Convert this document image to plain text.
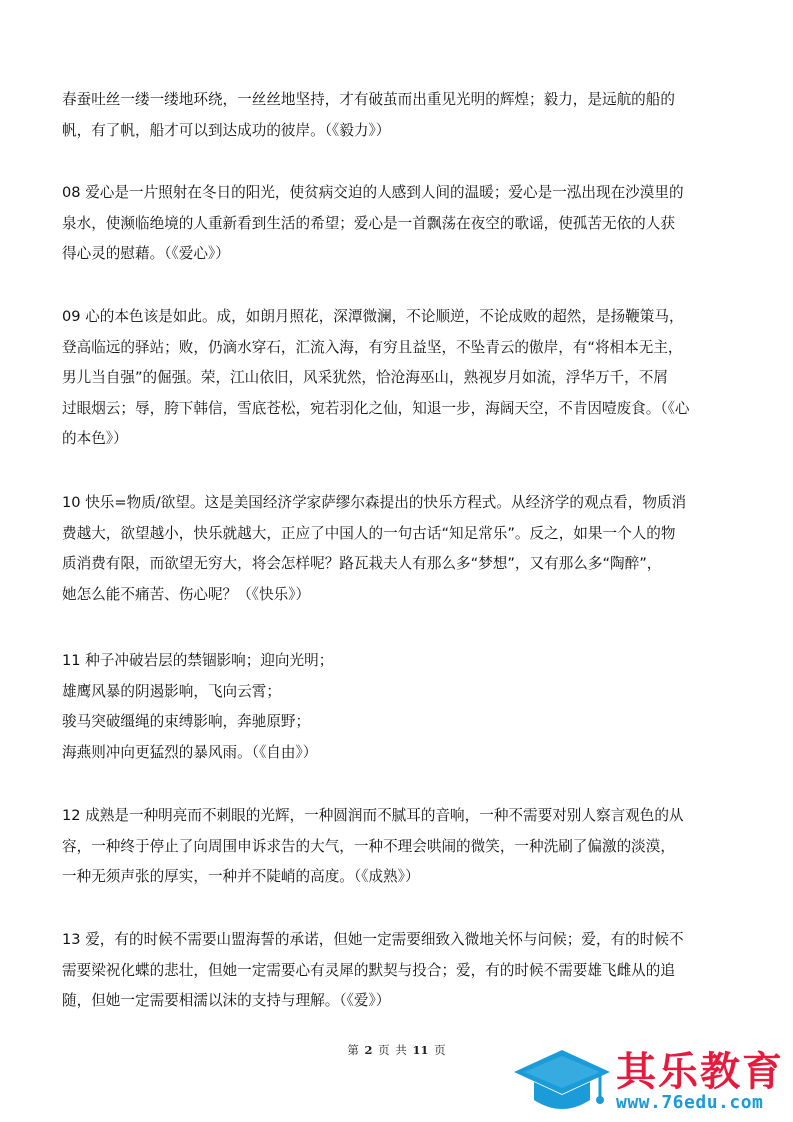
春蚕吐丝一缕一缕地环绕，一丝丝地坚持，才有破茧而出重见光明的辉煌；毅力，是远航的船的
帆，有了帆，船才可以到达成功的彼岸。（《毅力》）
08 爱心是一片照射在冬日的阳光，使贫病交迫的人感到人间的温暖；爱心是一泓出现在沙漠里的
泉水，使濒临绝境的人重新看到生活的希望；爱心是一首飘荡在夜空的歌谣，使孤苦无依的人获
得心灵的慰藉。（《爱心》）
09 心的本色该是如此。成，如朗月照花，深潭微澜，不论顺逆，不论成败的超然，是扬鞭策马，
登高临远的驿站；败，仍滴水穿石，汇流入海，有穷且益坚，不坠青云的傲岸，有“将相本无主，
男儿当自强”的倔强。荣，江山依旧，风采犹然，恰沧海巫山，熟视岁月如流，浮华万千，不屑
过眼烟云；辱，胯下韩信，雪底苍松，宛若羽化之仙，知退一步，海阔天空，不肯因噎废食。（《心
的本色》）
10 快乐=物质/欲望。这是美国经济学家萨缪尔森提出的快乐方程式。从经济学的观点看，物质消
费越大，欲望越小，快乐就越大，正应了中国人的一句古话“知足常乐”。反之，如果一个人的物
质消费有限，而欲望无穷大，将会怎样呢？路瓦栽夫人有那么多“梦想”，又有那么多“陶醉”，
她怎么能不痛苦、伤心呢？（《快乐》）
11 种子冲破岩层的禁锢影响；迎向光明；
雄鹰风暴的阴遏影响，飞向云霄；
骏马突破缰绳的束缚影响，奔驰原野；
海燕则冲向更猛烈的暴风雨。（《自由》）
12 成熟是一种明亮而不刺眼的光辉，一种圆润而不腻耳的音响，一种不需要对别人察言观色的从
容，一种终于停止了向周围申诉求告的大气，一种不理会哄闹的微笑，一种洗刷了偏激的淡漠，
一种无须声张的厚实，一种并不陡峭的高度。（《成熟》）
13 爱，有的时候不需要山盟海誓的承诺，但她一定需要细致入微地关怀与问候；爱，有的时候不
需要梁祝化蝶的悲壮，但她一定需要心有灵犀的默契与投合；爱，有的时候不需要雄飞雌从的追
随，但她一定需要相濡以沫的支持与理解。（《爱》）
第 2 页 共 11 页	其乐教育
www.76edu.com
